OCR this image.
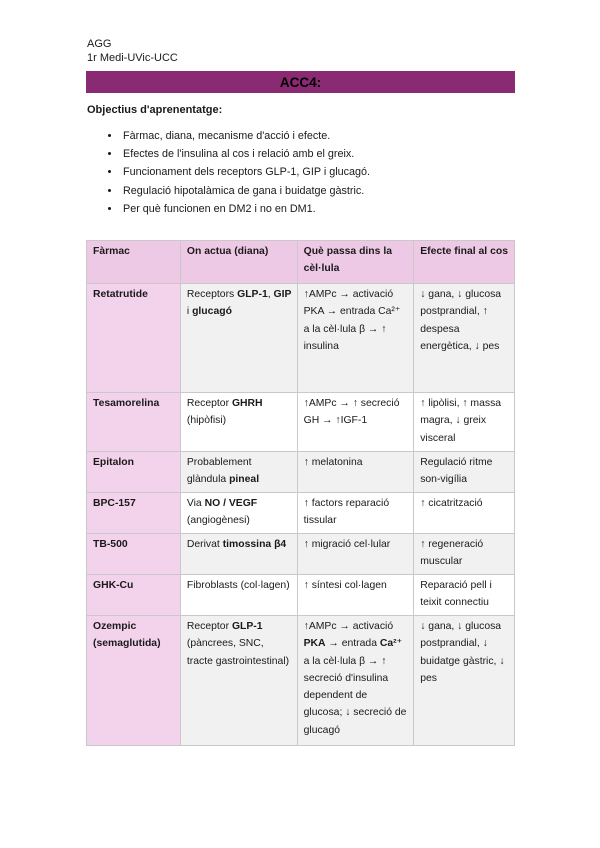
AGG
1r Medi-UVic-UCC
ACC4:
Objectius d'aprenentatge:
• Fàrmac, diana, mecanisme d'acció i efecte.
• Efectes de l'insulina al cos i relació amb el greix.
• Funcionament dels receptors GLP-1, GIP i glucagó.
• Regulació hipotalàmica de gana i buidatge gàstric.
• Per què funcionen en DM2 i no en DM1.
Fàrmac	On actua (diana)	Què passa dins la cèl·lula	Efecte final al cos
Retatrutide	Receptors GLP-1, GIP i glucagó	↑AMPc → activació PKA → entrada Ca²⁺ a la cèl·lula β → ↑ insulina	↓ gana, ↓ glucosa postprandial, ↑ despesa energètica, ↓ pes
Tesamorelina	Receptor GHRH (hipòfisi)	↑AMPc → ↑ secreció GH → ↑IGF-1	↑ lipòlisi, ↑ massa magra, ↓ greix visceral
Epitalon	Probablement glàndula pineal	↑ melatonina	Regulació ritme son-vigília
BPC-157	Via NO / VEGF (angiogènesi)	↑ factors reparació tissular	↑ cicatrització
TB-500	Derivat timossina β4	↑ migració cel·lular	↑ regeneració muscular
GHK-Cu	Fibroblasts (col·lagen)	↑ síntesi col·lagen	Reparació pell i teixit connectiu
Ozempic (semaglutida)	Receptor GLP-1 (pàncrees, SNC, tracte gastrointestinal)	↑AMPc → activació PKA → entrada Ca²⁺ a la cèl·lula β → ↑ secreció d'insulina dependent de glucosa; ↓ secreció de glucagó	↓ gana, ↓ glucosa postprandial, ↓ buidatge gàstric, ↓ pes
